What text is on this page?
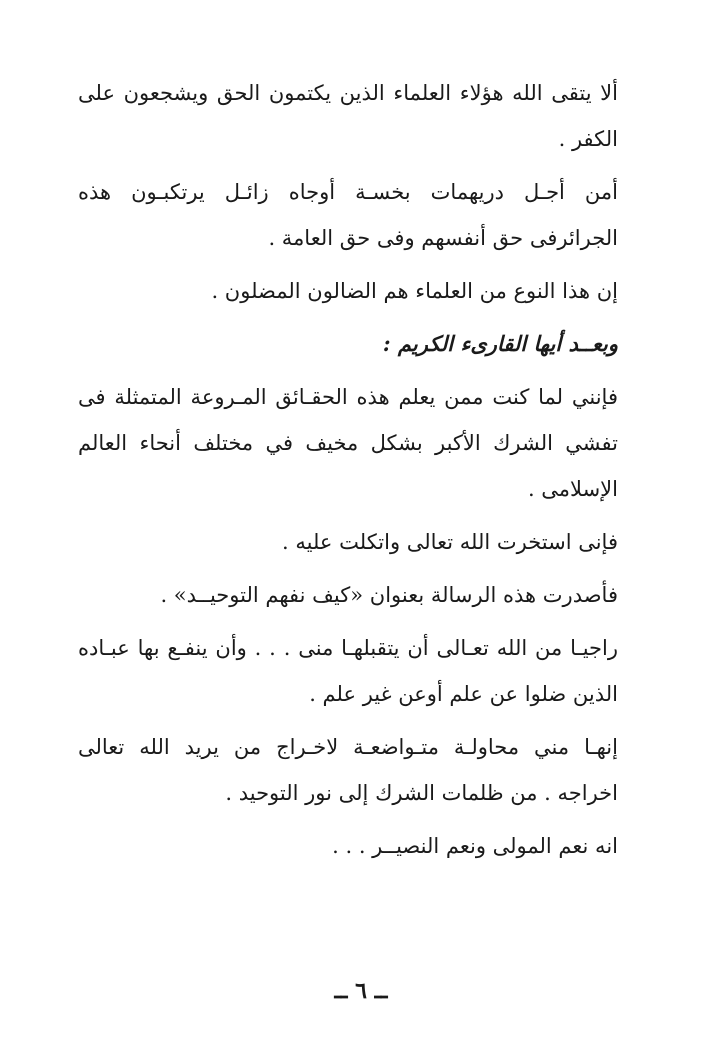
ألا يتقى الله هؤلاء العلماء الذين يكتمون الحق ويشجعون على الكفر .

أمن أجـل دريهمات بخسـة أوجاه زائـل يرتكبـون هذه الجرائرفى حق أنفسهم وفى حق العامة .

إن هذا النوع من العلماء هم الضالون المضلون .

وبعــد أيها القارىء الكريم :

فإنني لما كنت ممن يعلم هذه الحقـائق المـروعة المتمثلة فى تفشي الشرك الأكبر بشكل مخيف في مختلف أنحاء العالم الإسلامى .

فإنى استخرت الله تعالى واتكلت عليه .

فأصدرت هذه الرسالة بعنوان «كيف نفهم التوحيــد» .

راجيـا من الله تعـالى أن يتقبلهـا منى . . . وأن ينفـع بها عبـاده الذين ضلوا عن علم أوعن غير علم .

إنهـا مني محاولـة متـواضعـة لاخـراج من يريد الله تعالى اخراجه . من ظلمات الشرك إلى نور التوحيد .

انه نعم المولى ونعم النصيــر . . .

ــ ٦ ــ
